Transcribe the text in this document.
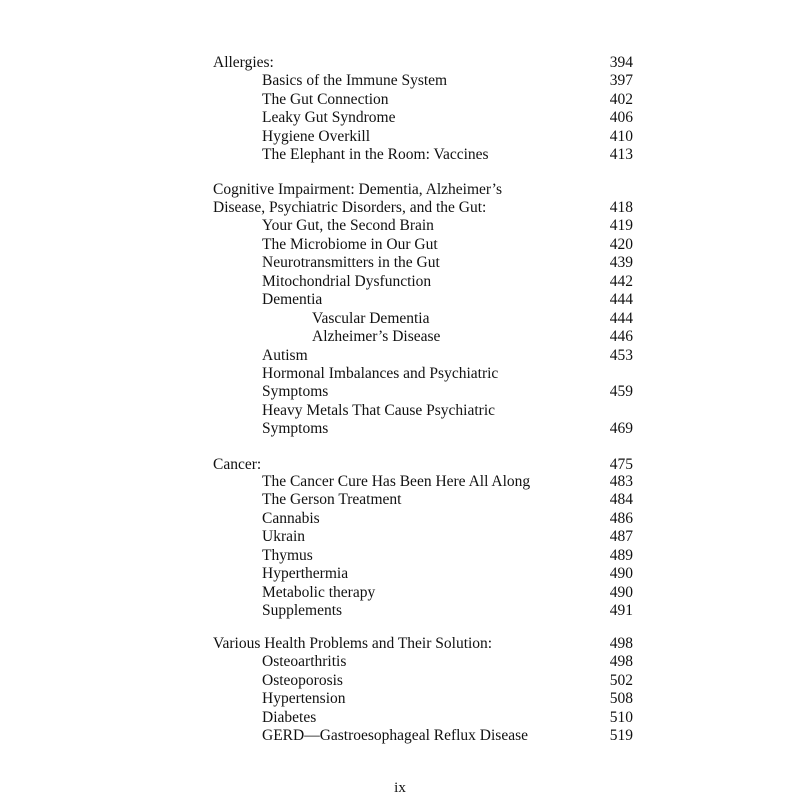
Allergies:	394
Basics of the Immune System	397
The Gut Connection	402
Leaky Gut Syndrome	406
Hygiene Overkill	410
The Elephant in the Room: Vaccines	413
Cognitive Impairment: Dementia, Alzheimer’s
Disease, Psychiatric Disorders, and the Gut:	418
Your Gut, the Second Brain	419
The Microbiome in Our Gut	420
Neurotransmitters in the Gut	439
Mitochondrial Dysfunction	442
Dementia	444
Vascular Dementia	444
Alzheimer’s Disease	446
Autism	453
Hormonal Imbalances and Psychiatric
Symptoms	459
Heavy Metals That Cause Psychiatric
Symptoms	469
Cancer:	475
The Cancer Cure Has Been Here All Along	483
The Gerson Treatment	484
Cannabis	486
Ukrain	487
Thymus	489
Hyperthermia	490
Metabolic therapy	490
Supplements	491
Various Health Problems and Their Solution:	498
Osteoarthritis	498
Osteoporosis	502
Hypertension	508
Diabetes	510
GERD—Gastroesophageal Reflux Disease	519
ix
